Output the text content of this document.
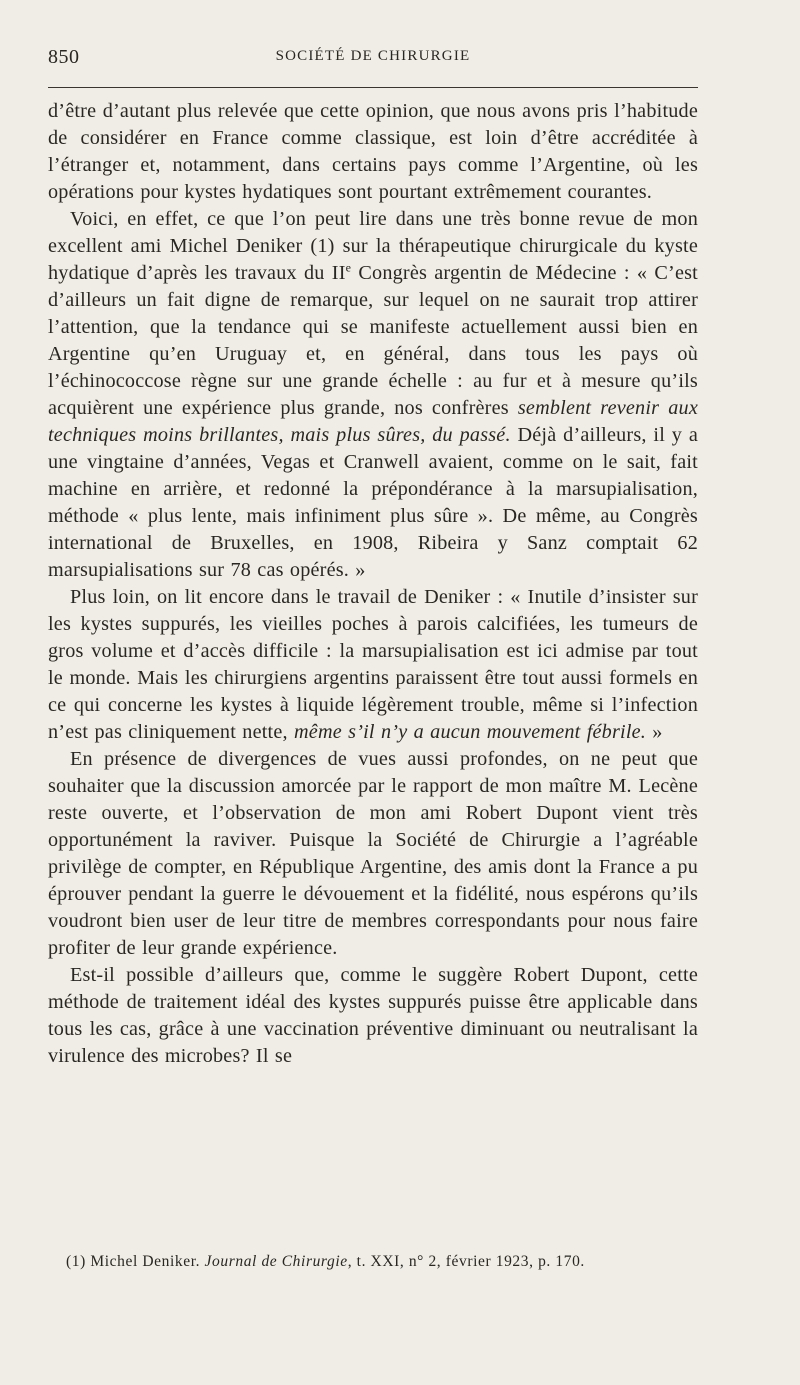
850	SOCIÉTÉ DE CHIRURGIE

d’être d’autant plus relevée que cette opinion, que nous avons pris l’habitude de considérer en France comme classique, est loin d’être accréditée à l’étranger et, notamment, dans certains pays comme l’Argentine, où les opérations pour kystes hydatiques sont pourtant extrêmement courantes.

Voici, en effet, ce que l’on peut lire dans une très bonne revue de mon excellent ami Michel Deniker (1) sur la thérapeutique chirurgicale du kyste hydatique d’après les travaux du IIe Congrès argentin de Médecine : « C’est d’ailleurs un fait digne de remarque, sur lequel on ne saurait trop attirer l’attention, que la tendance qui se manifeste actuellement aussi bien en Argentine qu’en Uruguay et, en général, dans tous les pays où l’échinococcose règne sur une grande échelle : au fur et à mesure qu’ils acquièrent une expérience plus grande, nos confrères semblent revenir aux techniques moins brillantes, mais plus sûres, du passé. Déjà d’ailleurs, il y a une vingtaine d’années, Vegas et Cranwell avaient, comme on le sait, fait machine en arrière, et redonné la prépondérance à la marsupialisation, méthode « plus lente, mais infiniment plus sûre ». De même, au Congrès international de Bruxelles, en 1908, Ribeira y Sanz comptait 62 marsupialisations sur 78 cas opérés. »

Plus loin, on lit encore dans le travail de Deniker : « Inutile d’insister sur les kystes suppurés, les vieilles poches à parois calcifiées, les tumeurs de gros volume et d’accès difficile : la marsupialisation est ici admise par tout le monde. Mais les chirurgiens argentins paraissent être tout aussi formels en ce qui concerne les kystes à liquide légèrement trouble, même si l’infection n’est pas cliniquement nette, même s’il n’y a aucun mouvement fébrile. »

En présence de divergences de vues aussi profondes, on ne peut que souhaiter que la discussion amorcée par le rapport de mon maître M. Lecène reste ouverte, et l’observation de mon ami Robert Dupont vient très opportunément la raviver. Puisque la Société de Chirurgie a l’agréable privilège de compter, en République Argentine, des amis dont la France a pu éprouver pendant la guerre le dévouement et la fidélité, nous espérons qu’ils voudront bien user de leur titre de membres correspondants pour nous faire profiter de leur grande expérience.

Est-il possible d’ailleurs que, comme le suggère Robert Dupont, cette méthode de traitement idéal des kystes suppurés puisse être applicable dans tous les cas, grâce à une vaccination préventive diminuant ou neutralisant la virulence des microbes? Il se

(1) Michel Deniker. Journal de Chirurgie, t. XXI, n° 2, février 1923, p. 170.
